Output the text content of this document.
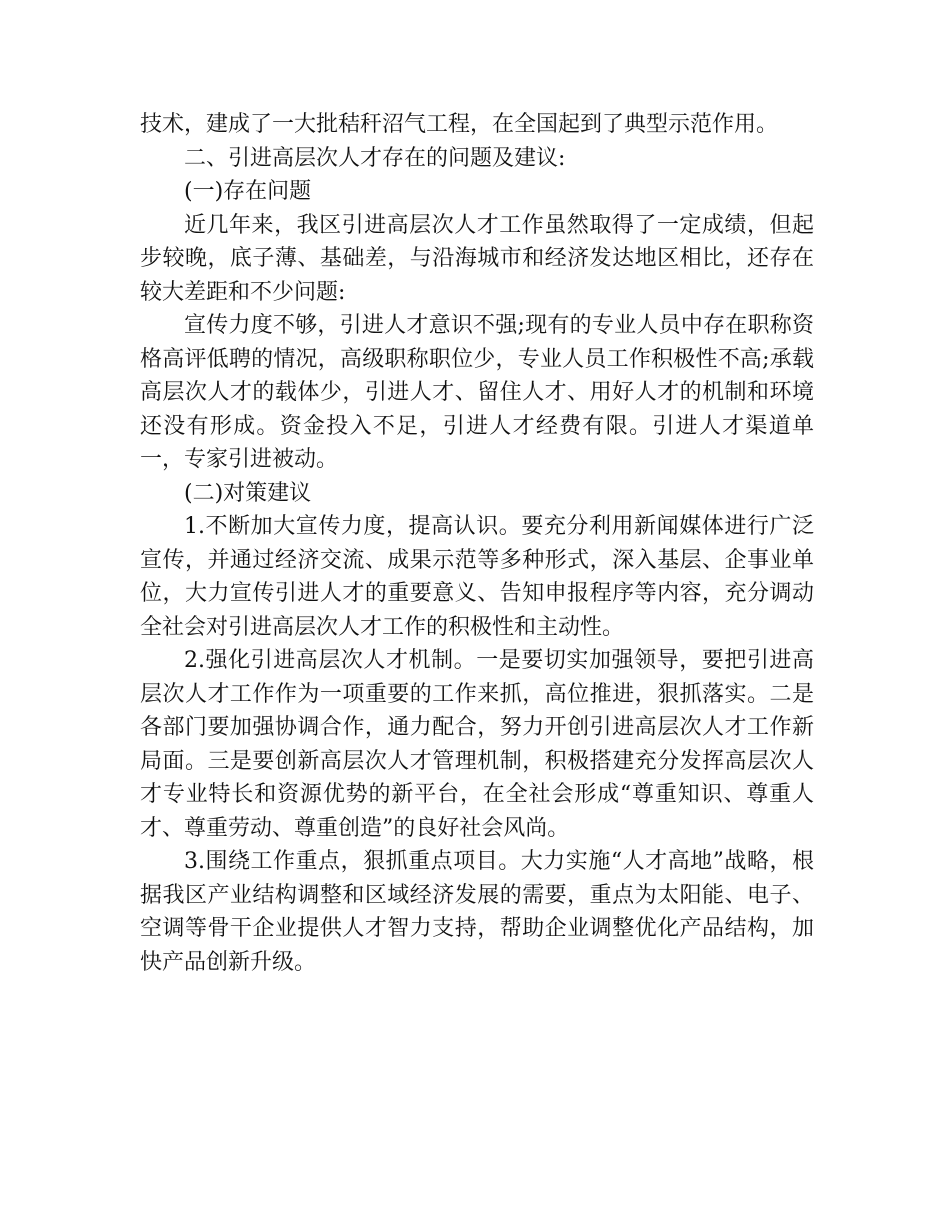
技术，建成了一大批秸秆沼气工程，在全国起到了典型示范作用。

二、引进高层次人才存在的问题及建议:

(一)存在问题

近几年来，我区引进高层次人才工作虽然取得了一定成绩，但起步较晚，底子薄、基础差，与沿海城市和经济发达地区相比，还存在较大差距和不少问题:

宣传力度不够，引进人才意识不强;现有的专业人员中存在职称资格高评低聘的情况，高级职称职位少，专业人员工作积极性不高;承载高层次人才的载体少，引进人才、留住人才、用好人才的机制和环境还没有形成。资金投入不足，引进人才经费有限。引进人才渠道单一，专家引进被动。

(二)对策建议

1.不断加大宣传力度，提高认识。要充分利用新闻媒体进行广泛宣传，并通过经济交流、成果示范等多种形式，深入基层、企事业单位，大力宣传引进人才的重要意义、告知申报程序等内容，充分调动全社会对引进高层次人才工作的积极性和主动性。

2.强化引进高层次人才机制。一是要切实加强领导，要把引进高层次人才工作作为一项重要的工作来抓，高位推进，狠抓落实。二是各部门要加强协调合作，通力配合，努力开创引进高层次人才工作新局面。三是要创新高层次人才管理机制，积极搭建充分发挥高层次人才专业特长和资源优势的新平台，在全社会形成“尊重知识、尊重人才、尊重劳动、尊重创造”的良好社会风尚。

3.围绕工作重点，狠抓重点项目。大力实施“人才高地”战略，根据我区产业结构调整和区域经济发展的需要，重点为太阳能、电子、空调等骨干企业提供人才智力支持，帮助企业调整优化产品结构，加快产品创新升级。
